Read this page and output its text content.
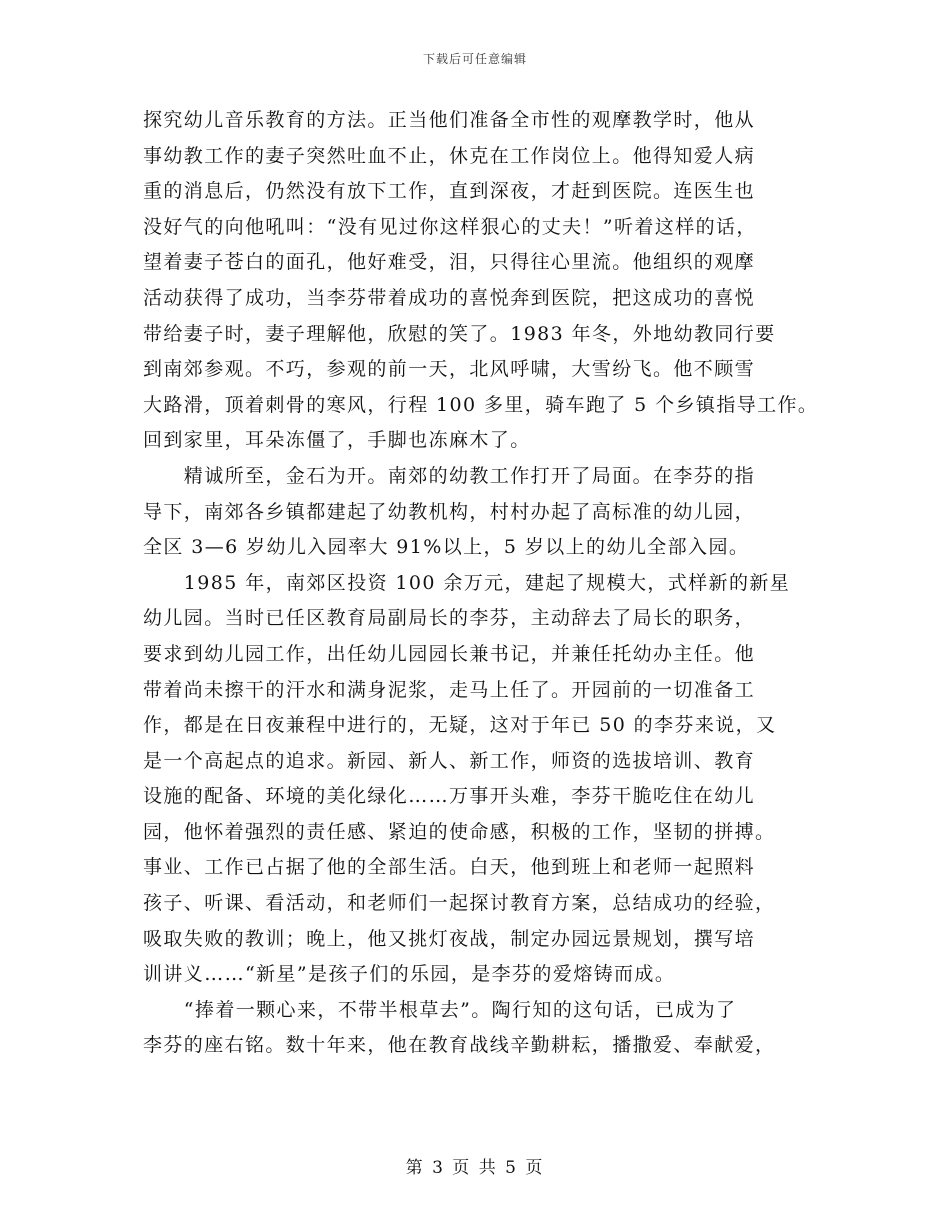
下载后可任意编辑
探究幼儿音乐教育的方法。正当他们准备全市性的观摩教学时，他从
事幼教工作的妻子突然吐血不止，休克在工作岗位上。他得知爱人病
重的消息后，仍然没有放下工作，直到深夜，才赶到医院。连医生也
没好气的向他吼叫：“没有见过你这样狠心的丈夫！”听着这样的话，
望着妻子苍白的面孔，他好难受，泪，只得往心里流。他组织的观摩
活动获得了成功，当李芬带着成功的喜悦奔到医院，把这成功的喜悦
带给妻子时，妻子理解他，欣慰的笑了。1983 年冬，外地幼教同行要
到南郊参观。不巧，参观的前一天，北风呼啸，大雪纷飞。他不顾雪
大路滑，顶着刺骨的寒风，行程 100 多里，骑车跑了 5 个乡镇指导工作。
回到家里，耳朵冻僵了，手脚也冻麻木了。
　　精诚所至，金石为开。南郊的幼教工作打开了局面。在李芬的指
导下，南郊各乡镇都建起了幼教机构，村村办起了高标准的幼儿园，
全区 3—6 岁幼儿入园率大 91%以上，5 岁以上的幼儿全部入园。
　　1985 年，南郊区投资 100 余万元，建起了规模大，式样新的新星
幼儿园。当时已任区教育局副局长的李芬，主动辞去了局长的职务，
要求到幼儿园工作，出任幼儿园园长兼书记，并兼任托幼办主任。他
带着尚未擦干的汗水和满身泥浆，走马上任了。开园前的一切准备工
作，都是在日夜兼程中进行的，无疑，这对于年已 50 的李芬来说，又
是一个高起点的追求。新园、新人、新工作，师资的选拔培训、教育
设施的配备、环境的美化绿化……万事开头难，李芬干脆吃住在幼儿
园，他怀着强烈的责任感、紧迫的使命感，积极的工作，坚韧的拼搏。
事业、工作已占据了他的全部生活。白天，他到班上和老师一起照料
孩子、听课、看活动，和老师们一起探讨教育方案，总结成功的经验，
吸取失败的教训；晚上，他又挑灯夜战，制定办园远景规划，撰写培
训讲义……“新星”是孩子们的乐园，是李芬的爱熔铸而成。
　　“捧着一颗心来，不带半根草去”。陶行知的这句话，已成为了
李芬的座右铭。数十年来，他在教育战线辛勤耕耘，播撒爱、奉献爱，
第 3 页 共 5 页
